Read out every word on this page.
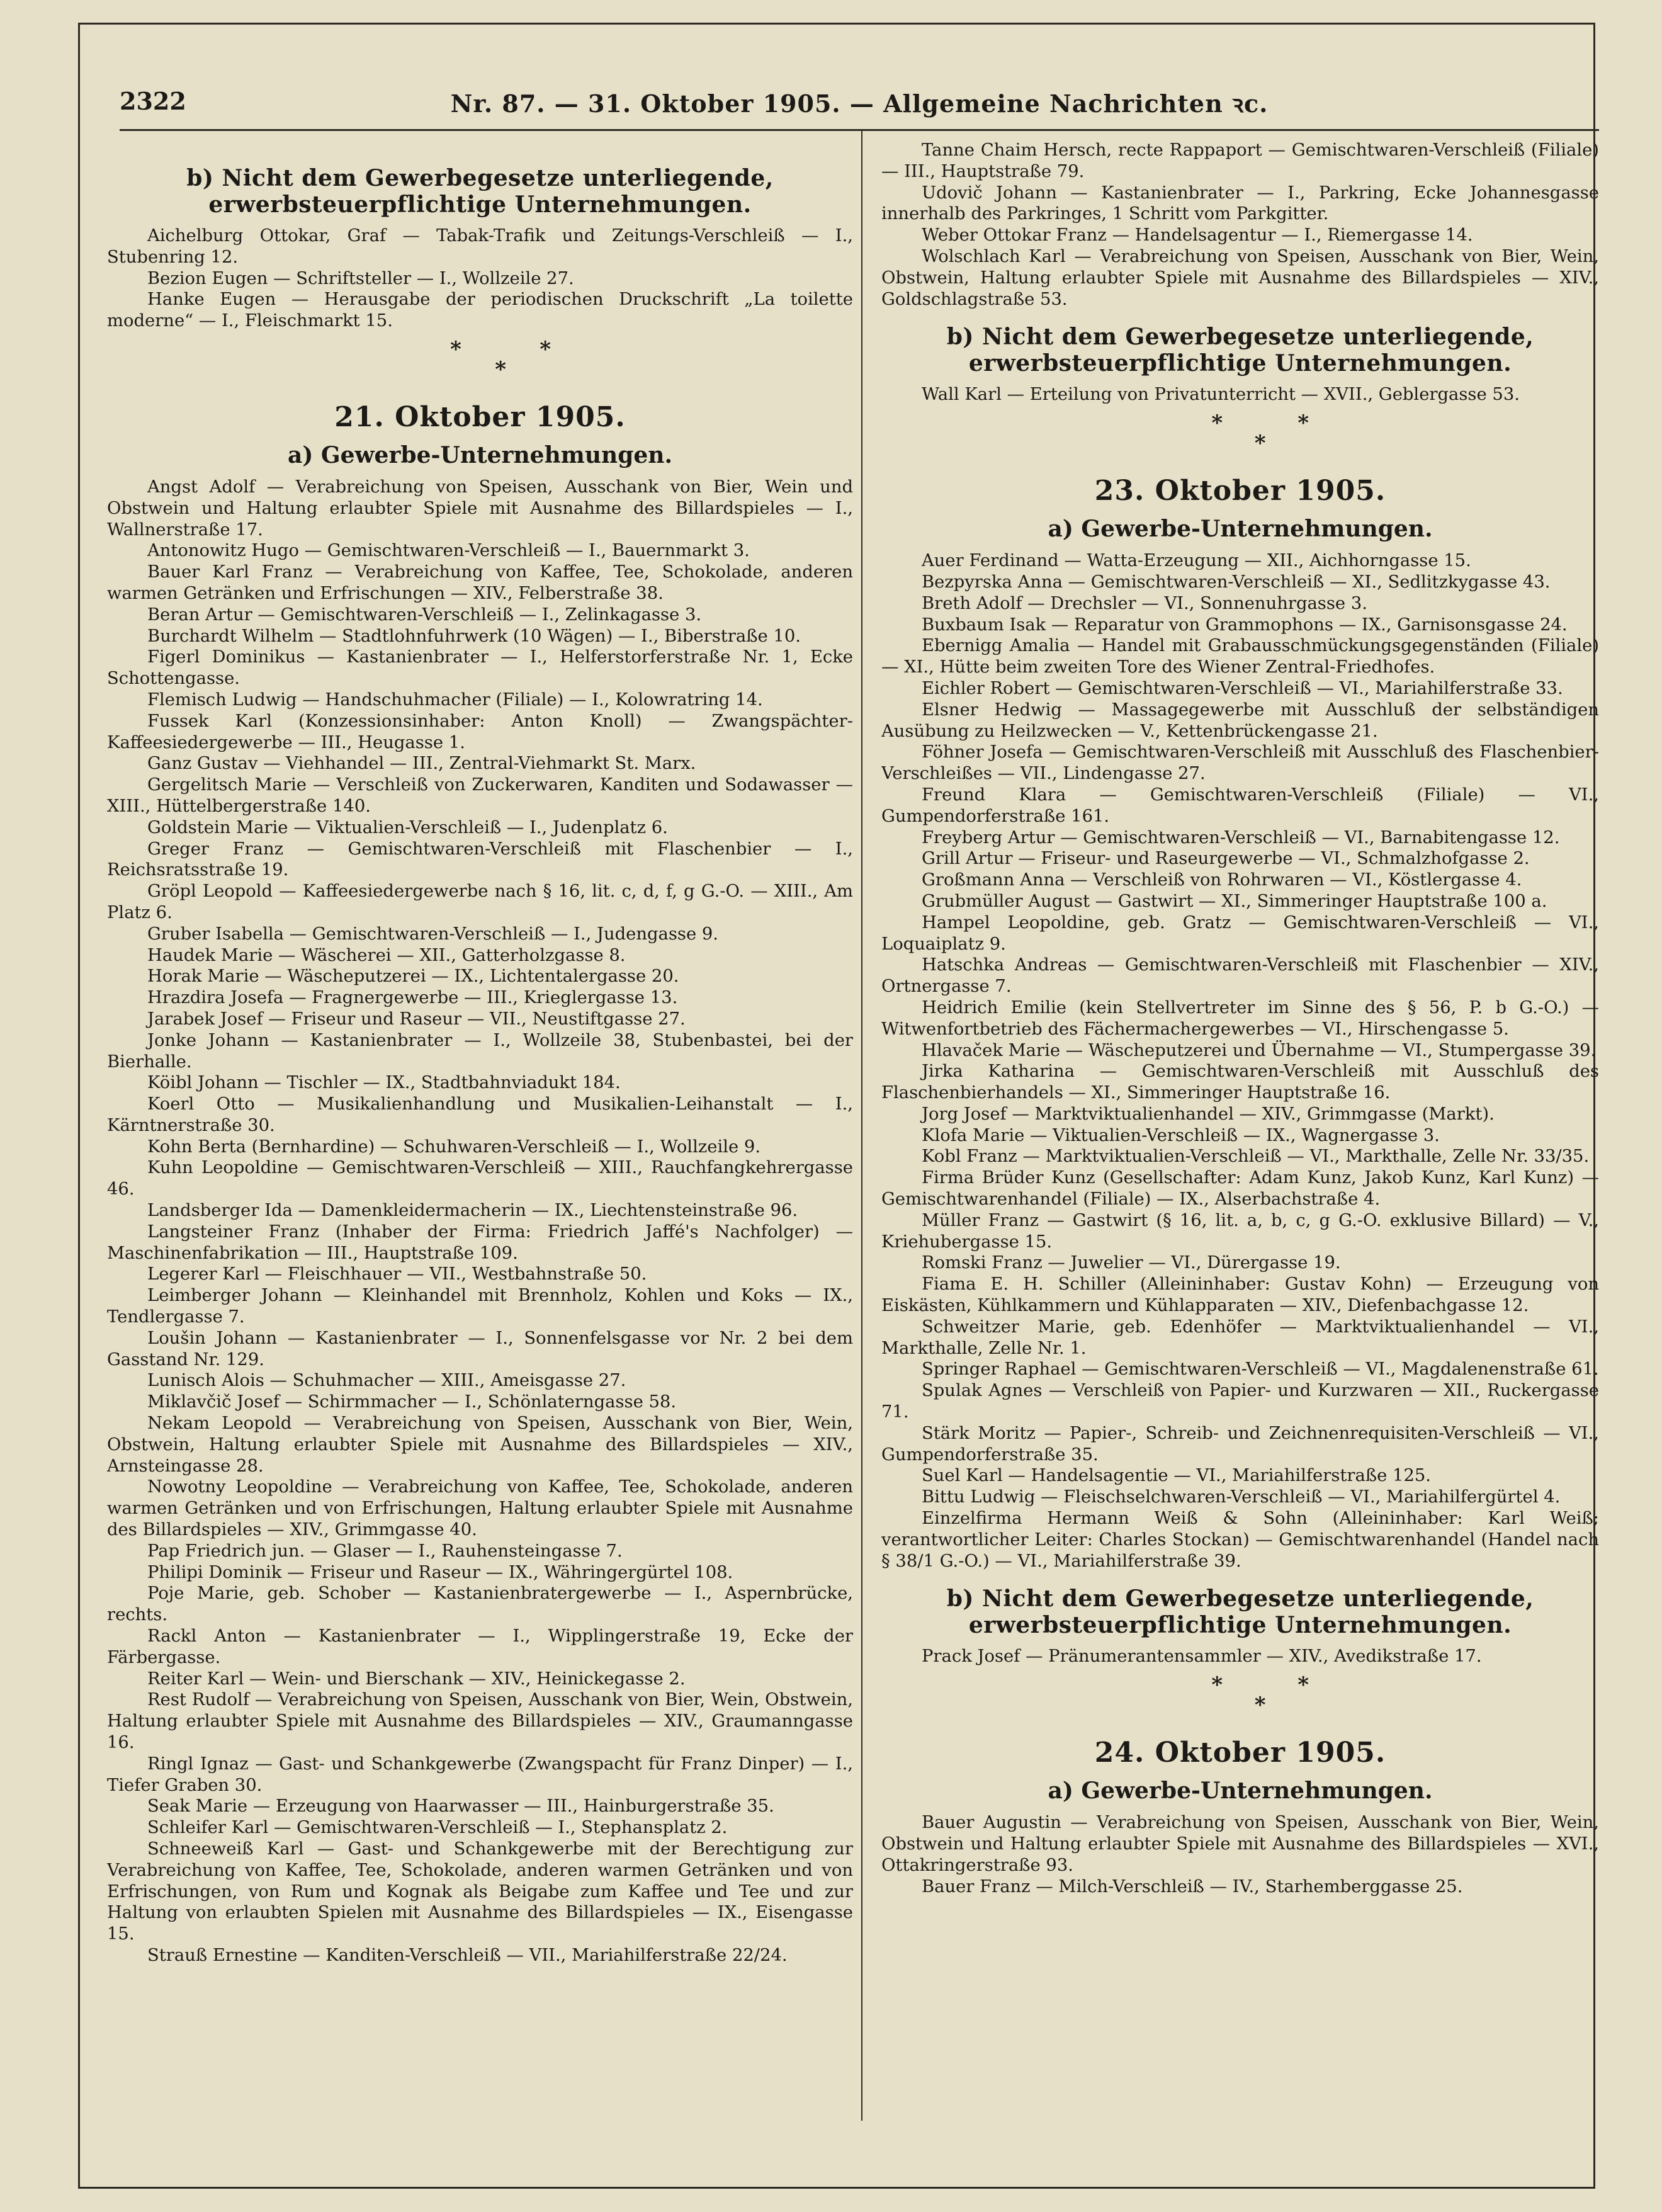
Nr. 87. — 31. Oktober 1905. — Allgemeine Nachrichten ꝛc.
2322

b) Nicht dem Gewerbegesetze unterliegende, erwerbsteuerpflichtige Unternehmungen.

Aichelburg Ottokar, Graf — Tabak-Trafik und Zeitungs-Verschleiß — I., Stubenring 12.

Bezion Eugen — Schriftsteller — I., Wollzeile 27.

Hanke Eugen — Herausgabe der periodischen Druckschrift „La toilette moderne“ — I., Fleischmarkt 15.

*	*
*

21. Oktober 1905.

a) Gewerbe-Unternehmungen.

Angst Adolf — Verabreichung von Speisen, Ausschank von Bier, Wein und Obstwein und Haltung erlaubter Spiele mit Ausnahme des Billardspieles — I., Wallnerstraße 17.

Antonowitz Hugo — Gemischtwaren-Verschleiß — I., Bauernmarkt 3.

Bauer Karl Franz — Verabreichung von Kaffee, Tee, Schokolade, anderen warmen Getränken und Erfrischungen — XIV., Felberstraße 38.

Beran Artur — Gemischtwaren-Verschleiß — I., Zelinkagasse 3.

Burchardt Wilhelm — Stadtlohnfuhrwerk (10 Wägen) — I., Biberstraße 10.

Figerl Dominikus — Kastanienbrater — I., Helferstorferstraße Nr. 1, Ecke Schottengasse.

Flemisch Ludwig — Handschuhmacher (Filiale) — I., Kolowratring 14.

Fussek Karl (Konzessionsinhaber: Anton Knoll) — Zwangspächter-Kaffeesiedergewerbe — III., Heugasse 1.

Ganz Gustav — Viehhandel — III., Zentral-Viehmarkt St. Marx.

Gergelitsch Marie — Verschleiß von Zuckerwaren, Kanditen und Sodawasser — XIII., Hüttelbergerstraße 140.

Goldstein Marie — Viktualien-Verschleiß — I., Judenplatz 6.

Greger Franz — Gemischtwaren-Verschleiß mit Flaschenbier — I., Reichsratsstraße 19.

Gröpl Leopold — Kaffeesiedergewerbe nach § 16, lit. c, d, f, g G.-O. — XIII., Am Platz 6.

Gruber Isabella — Gemischtwaren-Verschleiß — I., Judengasse 9.

Haudek Marie — Wäscherei — XII., Gatterholzgasse 8.

Horak Marie — Wäscheputzerei — IX., Lichtentalergasse 20.

Hrazdira Josefa — Fragnergewerbe — III., Krieglergasse 13.

Jarabek Josef — Friseur und Raseur — VII., Neustiftgasse 27.

Jonke Johann — Kastanienbrater — I., Wollzeile 38, Stubenbastei, bei der Bierhalle.

Köibl Johann — Tischler — IX., Stadtbahnviadukt 184.

Koerl Otto — Musikalienhandlung und Musikalien-Leihanstalt — I., Kärntnerstraße 30.

Kohn Berta (Bernhardine) — Schuhwaren-Verschleiß — I., Wollzeile 9.

Kuhn Leopoldine — Gemischtwaren-Verschleiß — XIII., Rauchfangkehrergasse 46.

Landsberger Ida — Damenkleidermacherin — IX., Liechtensteinstraße 96.

Langsteiner Franz (Inhaber der Firma: Friedrich Jaffé's Nachfolger) — Maschinenfabrikation — III., Hauptstraße 109.

Legerer Karl — Fleischhauer — VII., Westbahnstraße 50.

Leimberger Johann — Kleinhandel mit Brennholz, Kohlen und Koks — IX., Tendlergasse 7.

Loušin Johann — Kastanienbrater — I., Sonnenfelsgasse vor Nr. 2 bei dem Gasstand Nr. 129.

Lunisch Alois — Schuhmacher — XIII., Ameisgasse 27.

Miklavčič Josef — Schirmmacher — I., Schönlaterngasse 58.

Nekam Leopold — Verabreichung von Speisen, Ausschank von Bier, Wein, Obstwein, Haltung erlaubter Spiele mit Ausnahme des Billardspieles — XIV., Arnsteingasse 28.

Nowotny Leopoldine — Verabreichung von Kaffee, Tee, Schokolade, anderen warmen Getränken und von Erfrischungen, Haltung erlaubter Spiele mit Ausnahme des Billardspieles — XIV., Grimmgasse 40.

Pap Friedrich jun. — Glaser — I., Rauhensteingasse 7.

Philipi Dominik — Friseur und Raseur — IX., Währingergürtel 108.

Poje Marie, geb. Schober — Kastanienbratergewerbe — I., Aspernbrücke, rechts.

Rackl Anton — Kastanienbrater — I., Wipplingerstraße 19, Ecke der Färbergasse.

Reiter Karl — Wein- und Bierschank — XIV., Heinickegasse 2.

Rest Rudolf — Verabreichung von Speisen, Ausschank von Bier, Wein, Obstwein, Haltung erlaubter Spiele mit Ausnahme des Billardspieles — XIV., Graumanngasse 16.

Ringl Ignaz — Gast- und Schankgewerbe (Zwangspacht für Franz Dinper) — I., Tiefer Graben 30.

Seak Marie — Erzeugung von Haarwasser — III., Hainburgerstraße 35.

Schleifer Karl — Gemischtwaren-Verschleiß — I., Stephansplatz 2.

Schneeweiß Karl — Gast- und Schankgewerbe mit der Berechtigung zur Verabreichung von Kaffee, Tee, Schokolade, anderen warmen Getränken und von Erfrischungen, von Rum und Kognak als Beigabe zum Kaffee und Tee und zur Haltung von erlaubten Spielen mit Ausnahme des Billardspieles — IX., Eisengasse 15.

Strauß Ernestine — Kanditen-Verschleiß — VII., Mariahilferstraße 22/24.

Tanne Chaim Hersch, recte Rappaport — Gemischtwaren-Verschleiß (Filiale) — III., Hauptstraße 79.

Udovič Johann — Kastanienbrater — I., Parkring, Ecke Johannesgasse innerhalb des Parkringes, 1 Schritt vom Parkgitter.

Weber Ottokar Franz — Handelsagentur — I., Riemergasse 14.

Wolschlach Karl — Verabreichung von Speisen, Ausschank von Bier, Wein, Obstwein, Haltung erlaubter Spiele mit Ausnahme des Billardspieles — XIV., Goldschlagstraße 53.

b) Nicht dem Gewerbegesetze unterliegende, erwerbsteuerpflichtige Unternehmungen.

Wall Karl — Erteilung von Privatunterricht — XVII., Geblergasse 53.

*	*
*

23. Oktober 1905.

a) Gewerbe-Unternehmungen.

Auer Ferdinand — Watta-Erzeugung — XII., Aichhorngasse 15.

Bezpyrska Anna — Gemischtwaren-Verschleiß — XI., Sedlitzkygasse 43.

Breth Adolf — Drechsler — VI., Sonnenuhrgasse 3.

Buxbaum Isak — Reparatur von Grammophons — IX., Garnisonsgasse 24.

Ebernigg Amalia — Handel mit Grabausschmückungsgegenständen (Filiale) — XI., Hütte beim zweiten Tore des Wiener Zentral-Friedhofes.

Eichler Robert — Gemischtwaren-Verschleiß — VI., Mariahilferstraße 33.

Elsner Hedwig — Massagegewerbe mit Ausschluß der selbständigen Ausübung zu Heilzwecken — V., Kettenbrückengasse 21.

Föhner Josefa — Gemischtwaren-Verschleiß mit Ausschluß des Flaschenbier-Verschleißes — VII., Lindengasse 27.

Freund Klara — Gemischtwaren-Verschleiß (Filiale) — VI., Gumpendorferstraße 161.

Freyberg Artur — Gemischtwaren-Verschleiß — VI., Barnabitengasse 12.

Grill Artur — Friseur- und Raseurgewerbe — VI., Schmalzhofgasse 2.

Großmann Anna — Verschleiß von Rohrwaren — VI., Köstlergasse 4.

Grubmüller August — Gastwirt — XI., Simmeringer Hauptstraße 100 a.

Hampel Leopoldine, geb. Gratz — Gemischtwaren-Verschleiß — VI., Loquaiplatz 9.

Hatschka Andreas — Gemischtwaren-Verschleiß mit Flaschenbier — XIV., Ortnergasse 7.

Heidrich Emilie (kein Stellvertreter im Sinne des § 56, P. b G.-O.) — Witwenfortbetrieb des Fächermachergewerbes — VI., Hirschengasse 5.

Hlavaček Marie — Wäscheputzerei und Übernahme — VI., Stumpergasse 39.

Jirka Katharina — Gemischtwaren-Verschleiß mit Ausschluß des Flaschenbierhandels — XI., Simmeringer Hauptstraße 16.

Jorg Josef — Marktviktualienhandel — XIV., Grimmgasse (Markt).

Klofa Marie — Viktualien-Verschleiß — IX., Wagnergasse 3.

Kobl Franz — Marktviktualien-Verschleiß — VI., Markthalle, Zelle Nr. 33/35.

Firma Brüder Kunz (Gesellschafter: Adam Kunz, Jakob Kunz, Karl Kunz) — Gemischtwarenhandel (Filiale) — IX., Alserbachstraße 4.

Müller Franz — Gastwirt (§ 16, lit. a, b, c, g G.-O. exklusive Billard) — V., Kriehubergasse 15.

Romski Franz — Juwelier — VI., Dürergasse 19.

Fiama E. H. Schiller (Alleininhaber: Gustav Kohn) — Erzeugung von Eiskästen, Kühlkammern und Kühlapparaten — XIV., Diefenbachgasse 12.

Schweitzer Marie, geb. Edenhöfer — Marktviktualienhandel — VI., Markthalle, Zelle Nr. 1.

Springer Raphael — Gemischtwaren-Verschleiß — VI., Magdalenenstraße 61.

Spulak Agnes — Verschleiß von Papier- und Kurzwaren — XII., Ruckergasse 71.

Stärk Moritz — Papier-, Schreib- und Zeichnenrequisiten-Verschleiß — VI., Gumpendorferstraße 35.

Suel Karl — Handelsagentie — VI., Mariahilferstraße 125.

Bittu Ludwig — Fleischselchwaren-Verschleiß — VI., Mariahilfergürtel 4.

Einzelfirma Hermann Weiß & Sohn (Alleininhaber: Karl Weiß; verantwortlicher Leiter: Charles Stockan) — Gemischtwarenhandel (Handel nach § 38/1 G.-O.) — VI., Mariahilferstraße 39.

b) Nicht dem Gewerbegesetze unterliegende, erwerbsteuerpflichtige Unternehmungen.

Prack Josef — Pränumerantensammler — XIV., Avedikstraße 17.

*	*
*

24. Oktober 1905.

a) Gewerbe-Unternehmungen.

Bauer Augustin — Verabreichung von Speisen, Ausschank von Bier, Wein, Obstwein und Haltung erlaubter Spiele mit Ausnahme des Billardspieles — XVI., Ottakringerstraße 93.

Bauer Franz — Milch-Verschleiß — IV., Starhemberggasse 25.
